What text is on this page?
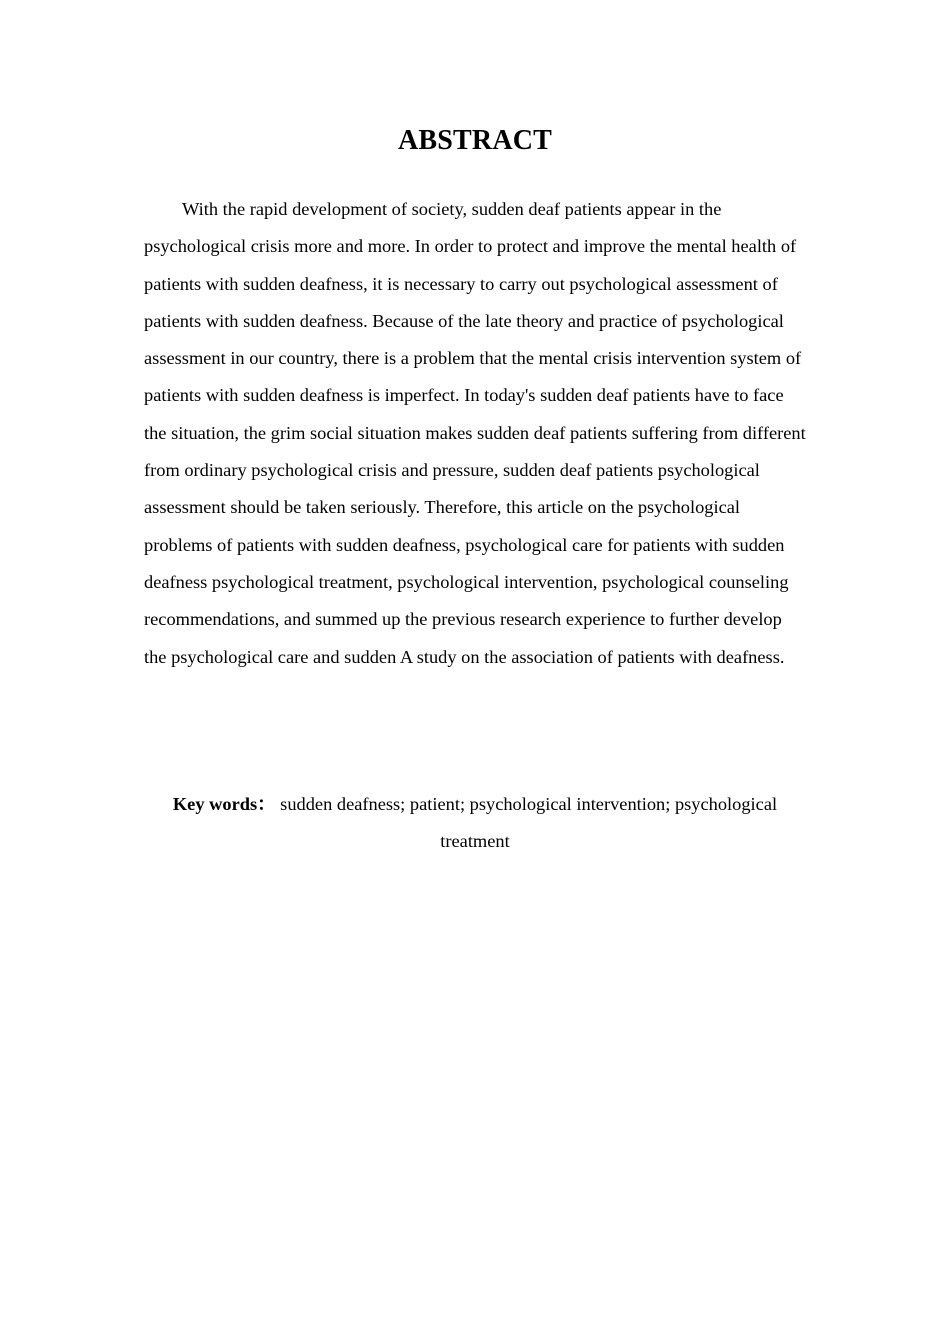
ABSTRACT

With the rapid development of society, sudden deaf patients appear in the psychological crisis more and more. In order to protect and improve the mental health of patients with sudden deafness, it is necessary to carry out psychological assessment of patients with sudden deafness. Because of the late theory and practice of psychological assessment in our country, there is a problem that the mental crisis intervention system of patients with sudden deafness is imperfect. In today's sudden deaf patients have to face the situation, the grim social situation makes sudden deaf patients suffering from different from ordinary psychological crisis and pressure, sudden deaf patients psychological assessment should be taken seriously. Therefore, this article on the psychological problems of patients with sudden deafness, psychological care for patients with sudden deafness psychological treatment, psychological intervention, psychological counseling recommendations, and summed up the previous research experience to further develop the psychological care and sudden A study on the association of patients with deafness.

Key words： sudden deafness; patient; psychological intervention; psychological treatment
